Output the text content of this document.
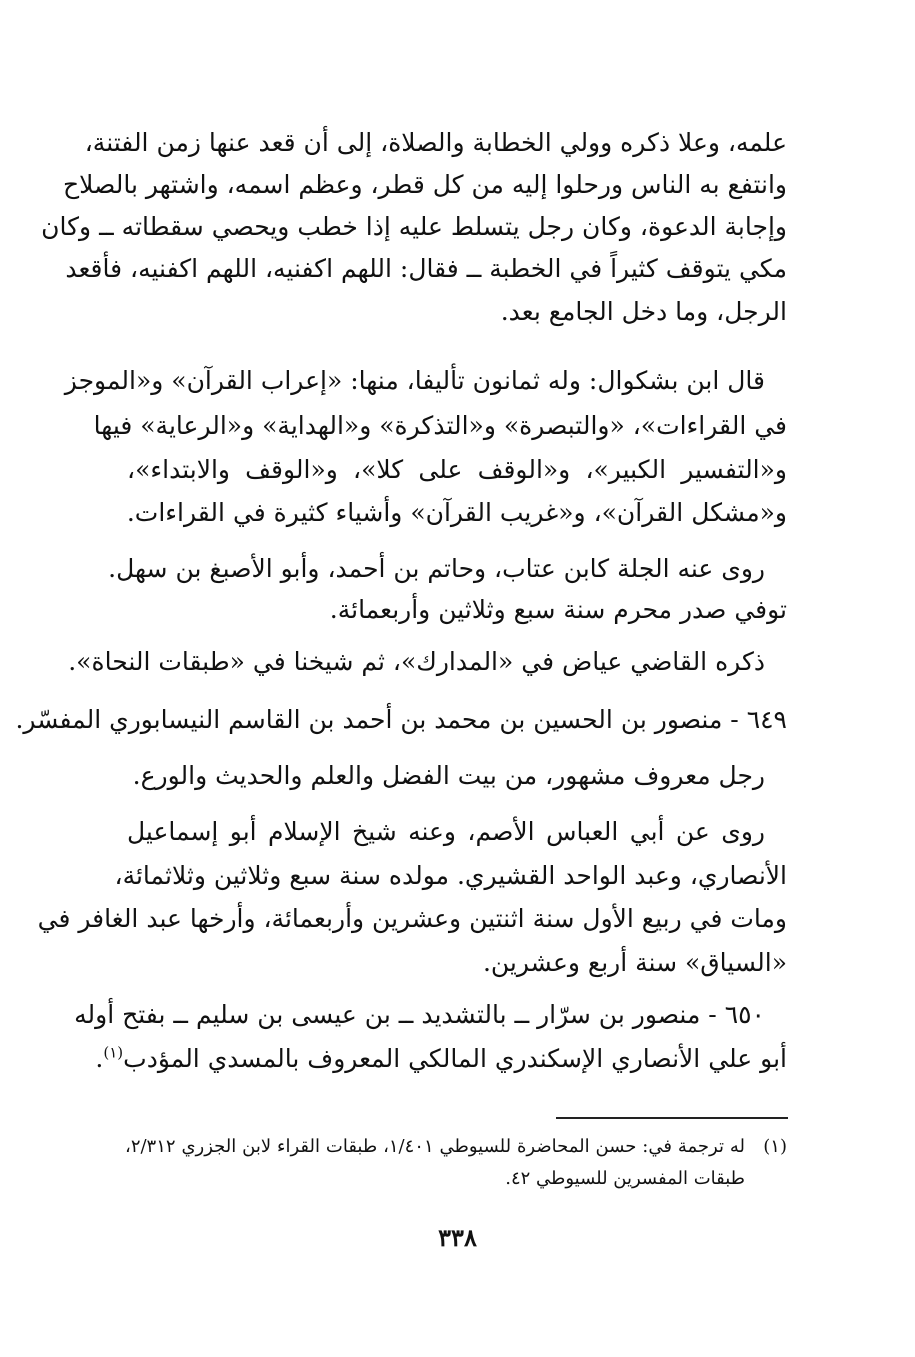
علمه، وعلا ذكره وولي الخطابة والصلاة، إلى أن قعد عنها زمن الفتنة،
وانتفع به الناس ورحلوا إليه من كل قطر، وعظم اسمه، واشتهر بالصلاح
وإجابة الدعوة، وكان رجل يتسلط عليه إذا خطب ويحصي سقطاته ــ وكان
مكي يتوقف كثيراً في الخطبة ــ فقال: اللهم اكفنيه، اللهم اكفنيه، فأقعد
الرجل، وما دخل الجامع بعد.
قال ابن بشكوال: وله ثمانون تأليفا، منها: «إعراب القرآن» و«الموجز
في القراءات»، «والتبصرة» و«التذكرة» و«الهداية» و«الرعاية» فيها
و«التفسير الكبير»، و«الوقف على كلا»، و«الوقف والابتداء»،
و«مشكل القرآن»، و«غريب القرآن» وأشياء كثيرة في القراءات.
روى عنه الجلة كابن عتاب، وحاتم بن أحمد، وأبو الأصبغ بن سهل.
توفي صدر محرم سنة سبع وثلاثين وأربعمائة.
ذكره القاضي عياض في «المدارك»، ثم شيخنا في «طبقات النحاة».
٦٤٩ - منصور بن الحسين بن محمد بن أحمد بن القاسم النيسابوري المفسّر.
رجل معروف مشهور، من بيت الفضل والعلم والحديث والورع.
روى عن أبي العباس الأصم، وعنه شيخ الإسلام أبو إسماعيل
الأنصاري، وعبد الواحد القشيري. مولده سنة سبع وثلاثين وثلاثمائة،
ومات في ربيع الأول سنة اثنتين وعشرين وأربعمائة، وأرخها عبد الغافر في
«السياق» سنة أربع وعشرين.
٦٥٠ - منصور بن سرّار ــ بالتشديد ــ بن عيسى بن سليم ــ بفتح أوله
أبو علي الأنصاري الإسكندري المالكي المعروف بالمسدي المؤدب$^{(١)}$.
(١)
له ترجمة في: حسن المحاضرة للسيوطي ١/٤٠١، طبقات القراء لابن الجزري ٢/٣١٢،
طبقات المفسرين للسيوطي ٤٢.
٣٣٨
